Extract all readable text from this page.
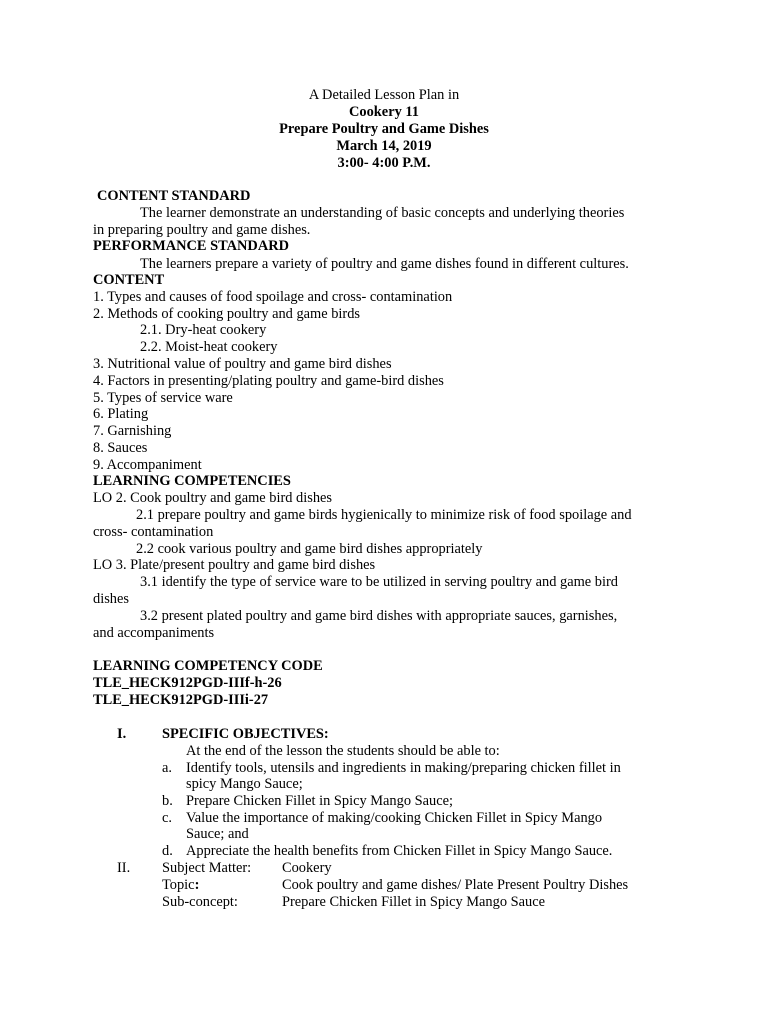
A Detailed Lesson Plan in
Cookery 11
Prepare Poultry and Game Dishes
March 14, 2019
3:00- 4:00 P.M.
CONTENT STANDARD
The learner demonstrate an understanding of basic concepts and underlying theories
in preparing poultry and game dishes.
PERFORMANCE STANDARD
The learners prepare a variety of poultry and game dishes found in different cultures.
CONTENT
1. Types and causes of food spoilage and cross- contamination
2. Methods of cooking poultry and game birds
2.1. Dry-heat cookery
2.2. Moist-heat cookery
3. Nutritional value of poultry and game bird dishes
4. Factors in presenting/plating poultry and game-bird dishes
5. Types of service ware
6. Plating
7. Garnishing
8. Sauces
9. Accompaniment
LEARNING COMPETENCIES
LO 2. Cook poultry and game bird dishes
2.1 prepare poultry and game birds hygienically to minimize risk of food spoilage and
cross- contamination
2.2 cook various poultry and game bird dishes appropriately
LO 3. Plate/present poultry and game bird dishes
3.1 identify the type of service ware to be utilized in serving poultry and game bird
dishes
3.2 present plated poultry and game bird dishes with appropriate sauces, garnishes,
and accompaniments
LEARNING COMPETENCY CODE
TLE_HECK912PGD-IIIf-h-26
TLE_HECK912PGD-IIIi-27
I. SPECIFIC OBJECTIVES:
At the end of the lesson the students should be able to:
a. Identify tools, utensils and ingredients in making/preparing chicken fillet in
spicy Mango Sauce;
b. Prepare Chicken Fillet in Spicy Mango Sauce;
c. Value the importance of making/cooking Chicken Fillet in Spicy Mango
Sauce; and
d. Appreciate the health benefits from Chicken Fillet in Spicy Mango Sauce.
II. Subject Matter: Cookery
Topic:	Cook poultry and game dishes/ Plate Present Poultry Dishes
Sub-concept:	Prepare Chicken Fillet in Spicy Mango Sauce
